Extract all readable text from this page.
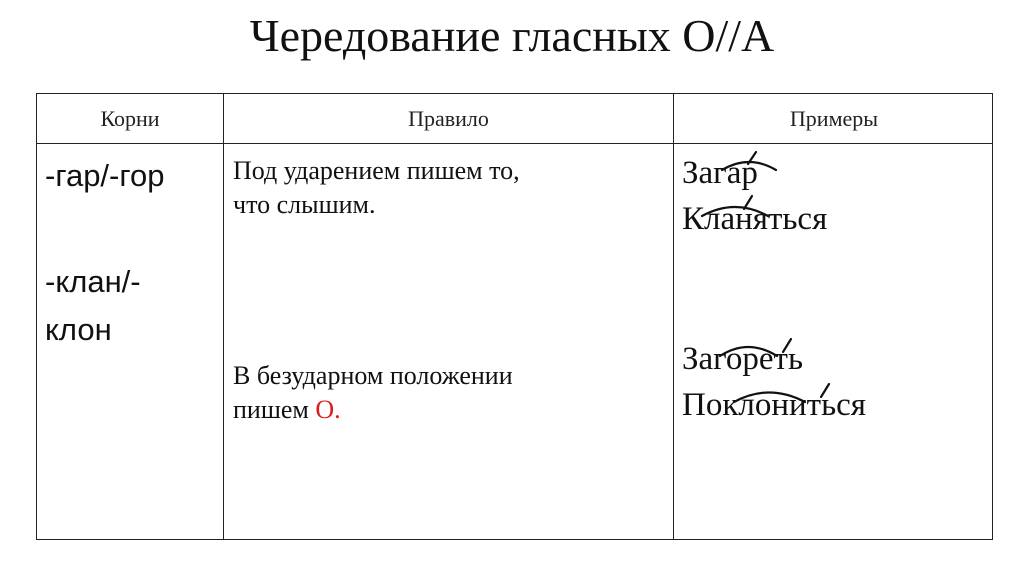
Чередование гласных О//А
Корни	Правило	Примеры
-гар/-гор
-клан/-
клон
Под ударением пишем то,
что слышим.
В безударном положении
пишем О.
Загар
Кланяться
Загореть
Поклониться
